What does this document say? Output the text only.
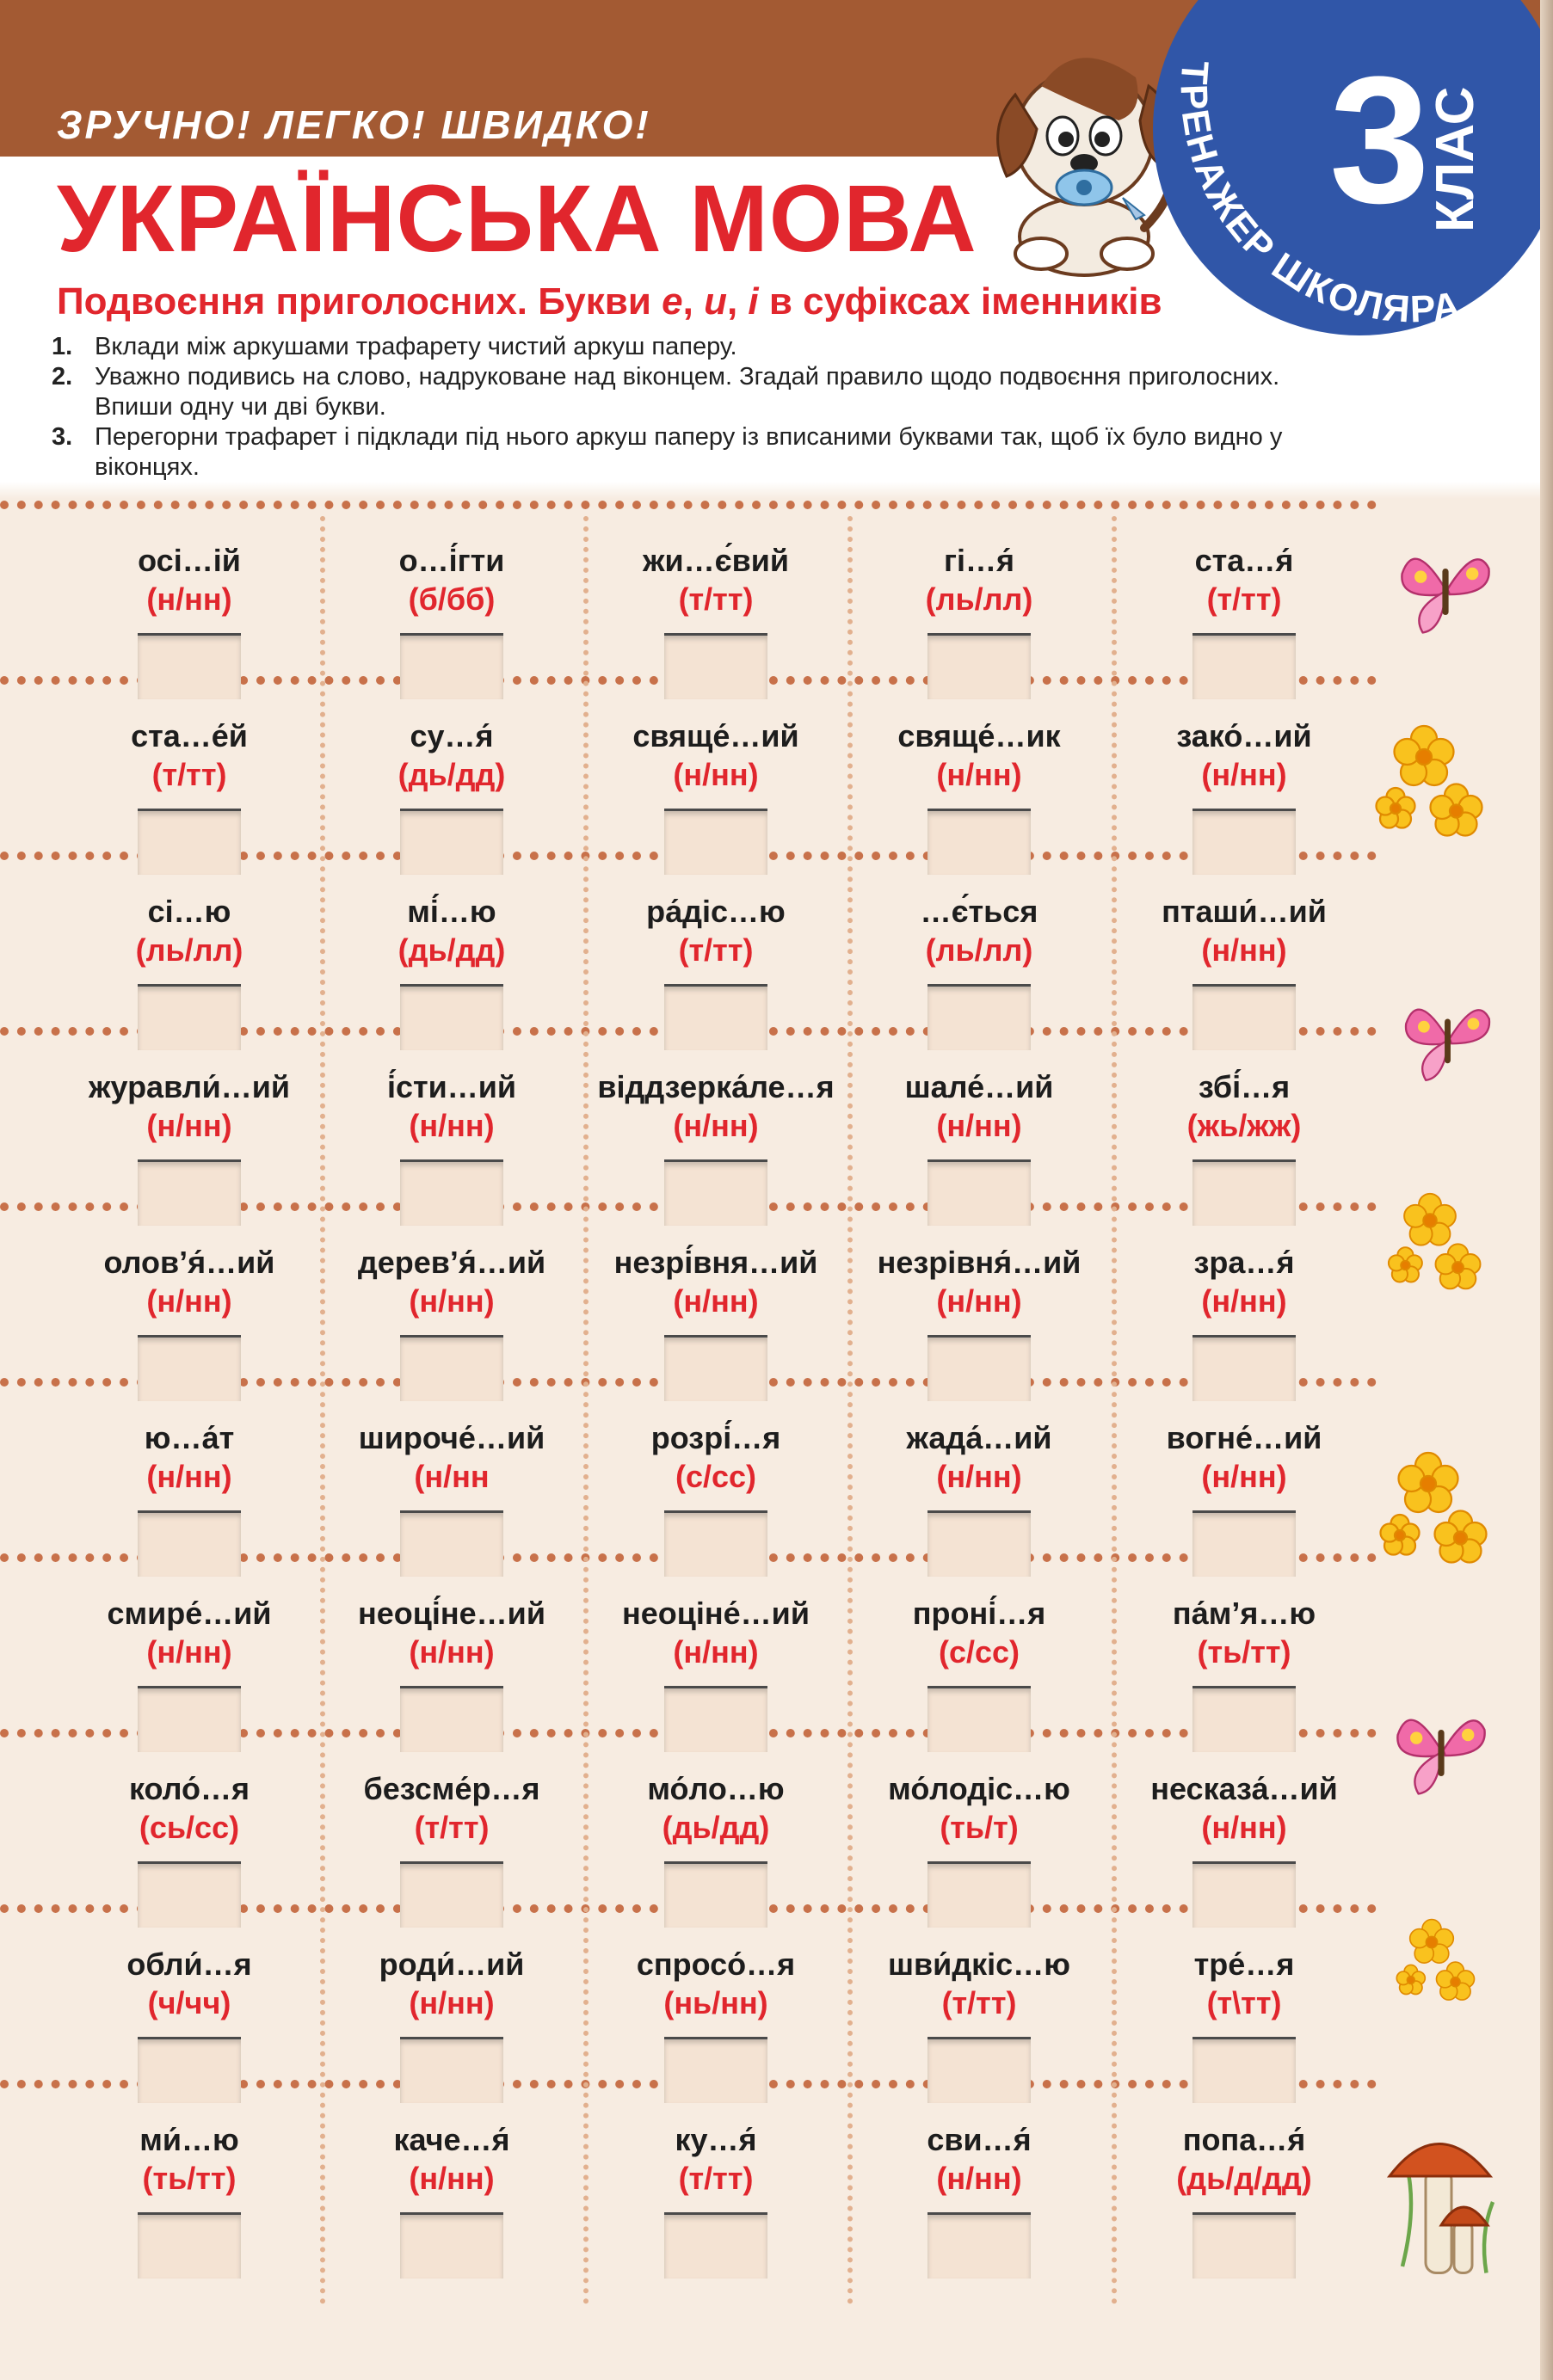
ЗРУЧНО! ЛЕГКО! ШВИДКО!
УКРАЇНСЬКА МОВА
Подвоєння приголосних. Букви е, и, і в суфіксах іменників
1. Вклади між аркушами трафарету чистий аркуш паперу.
2. Уважно подивись на слово, надруковане над віконцем. Згадай правило щодо подвоєння приголосних. Впиши одну чи дві букви.
3. Перегорни трафарет і підклади під нього аркуш паперу із вписаними буквами так, щоб їх було видно у віконцях.
ТРЕНАЖЕР ШКОЛЯРА
3
КЛАС
осі…ій
(н/нн)
о…і́гти
(б/бб)
жи…є́вий
(т/тт)
гі…я́
(ль/лл)
ста…я́
(т/тт)
ста…е́й
(т/тт)
су…я́
(дь/дд)
свяще́…ий
(н/нн)
свяще́…ик
(н/нн)
зако́…ий
(н/нн)
сі…ю
(ль/лл)
мі́…ю
(дь/дд)
ра́діс…ю
(т/тт)
…є́ться
(ль/лл)
пташи́…ий
(н/нн)
журавли́…ий
(н/нн)
і́сти…ий
(н/нн)
віддзерка́ле…я
(н/нн)
шале́…ий
(н/нн)
збі́…я
(жь/жж)
олов’я́…ий
(н/нн)
дерев’я́…ий
(н/нн)
незрі́вня…ий
(н/нн)
незрівня́…ий
(н/нн)
зра…я́
(н/нн)
ю…а́т
(н/нн)
широче́…ий
(н/нн
розрі́…я
(с/сс)
жада́…ий
(н/нн)
вогне́…ий
(н/нн)
смире́…ий
(н/нн)
неоці́не…ий
(н/нн)
неоціне́…ий
(н/нн)
проні́…я
(с/сс)
па́м’я…ю
(ть/тт)
коло́…я
(сь/сс)
безсме́р…я
(т/тт)
мо́ло…ю
(дь/дд)
мо́лодіс…ю
(ть/т)
несказа́…ий
(н/нн)
обли́…я
(ч/чч)
роди́…ий
(н/нн)
спросо́…я
(нь/нн)
шви́дкіс…ю
(т/тт)
тре́…я
(т\тт)
ми́…ю
(ть/тт)
каче…я́
(н/нн)
ку…я́
(т/тт)
сви…я́
(н/нн)
попа…я́
(дь/д/дд)
